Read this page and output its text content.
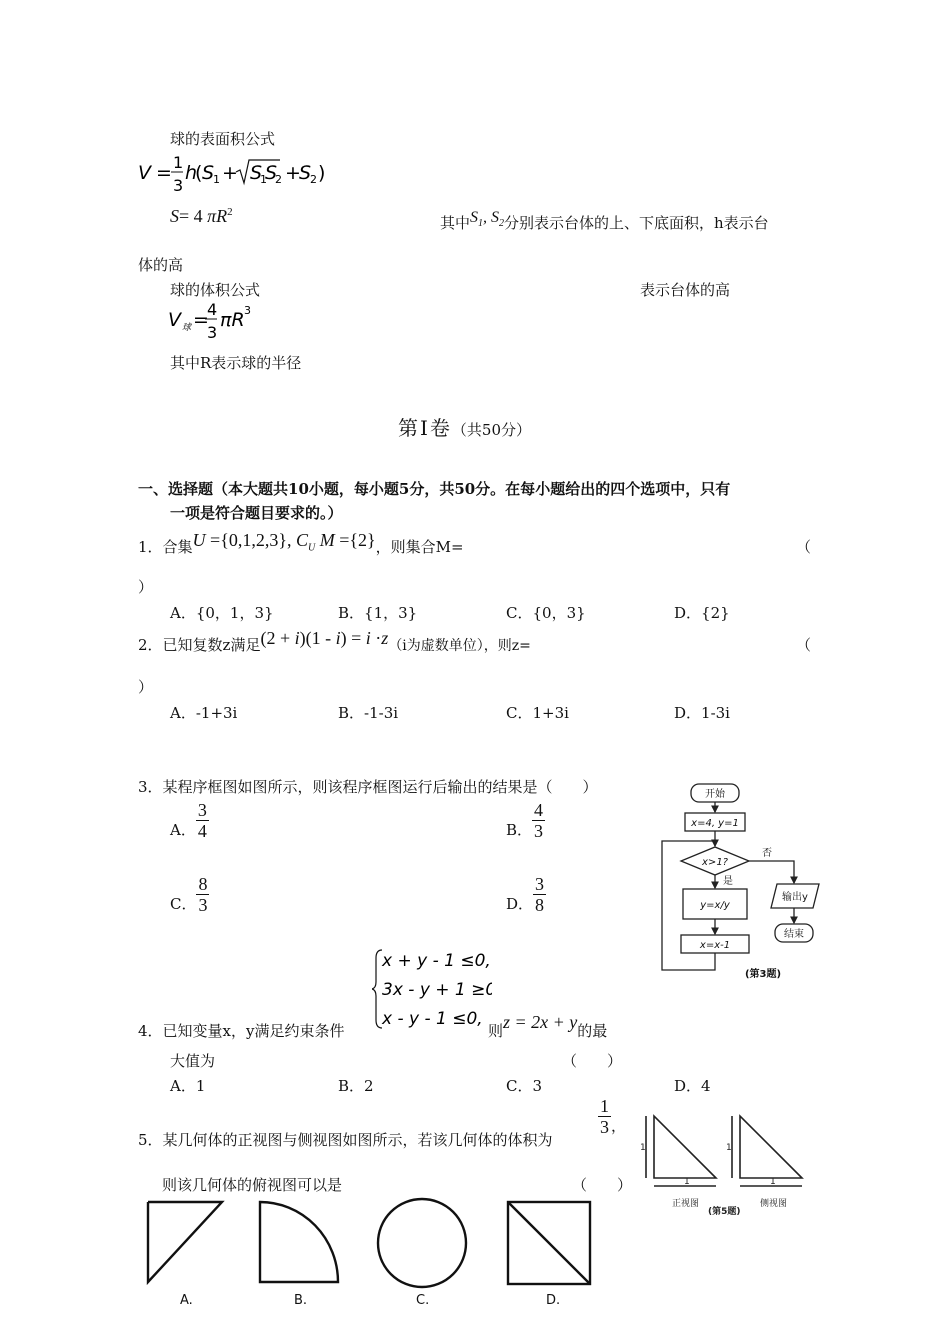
球的表面积公式
V = 1
3
h
( S
1 + S
1
S
2 +
S
2 )
S= 4 $\pi R^2$
其中$S_1$, $S_2$分别表示台体的上、下底面积，h表示台
体的高
球的体积公式	表示台体的高
V 球 =
4
3
πR 3
其中R表示球的半径
第Ⅰ卷（共50分）
一、选择题（本大题共10小题，每小题5分，共50分。在每小题给出的四个选项中，只有
一项是符合题目要求的。）
1．合集U ={0,1,2,3}, $C_U$ M ={2}，则集合M=	（
）
A．{0，1，3}	B．{1，3}	C．{0，3}	D．{2}
2．已知复数z满足(2 + i)(1 - i) = i ·z（i为虚数单位），则z=	（
）
A．-1+3i	B．-1-3i	C．1+3i	D．1-3i
3．某程序框图如图所示，则该程序框图运行后输出的结果是（　　）
A． $\frac{3}{4}$	B． $\frac{4}{3}$
C． $\frac{8}{3}$	D． $\frac{3}{8}$
开始
x=4, y=1
x>1?
否
是
y=x/y
x=x-1
输出y
结束
(第3题)
x + y - 1 ≤0,
3x - y + 1 ≥0,
x - y - 1 ≤0,
4．已知变量x，y满足约束条件	则z = 2x + y的最
大值为	（　　）
A．1	B．2	C．3	D．4
5．某几何体的正视图与侧视图如图所示，若该几何体的体积为
$\frac{1}{3}$ ，
则该几何体的俯视图可以是	（　　）
1
1
1
1
正视图	侧视图
(第5题)
A.	B.	C.	D.
